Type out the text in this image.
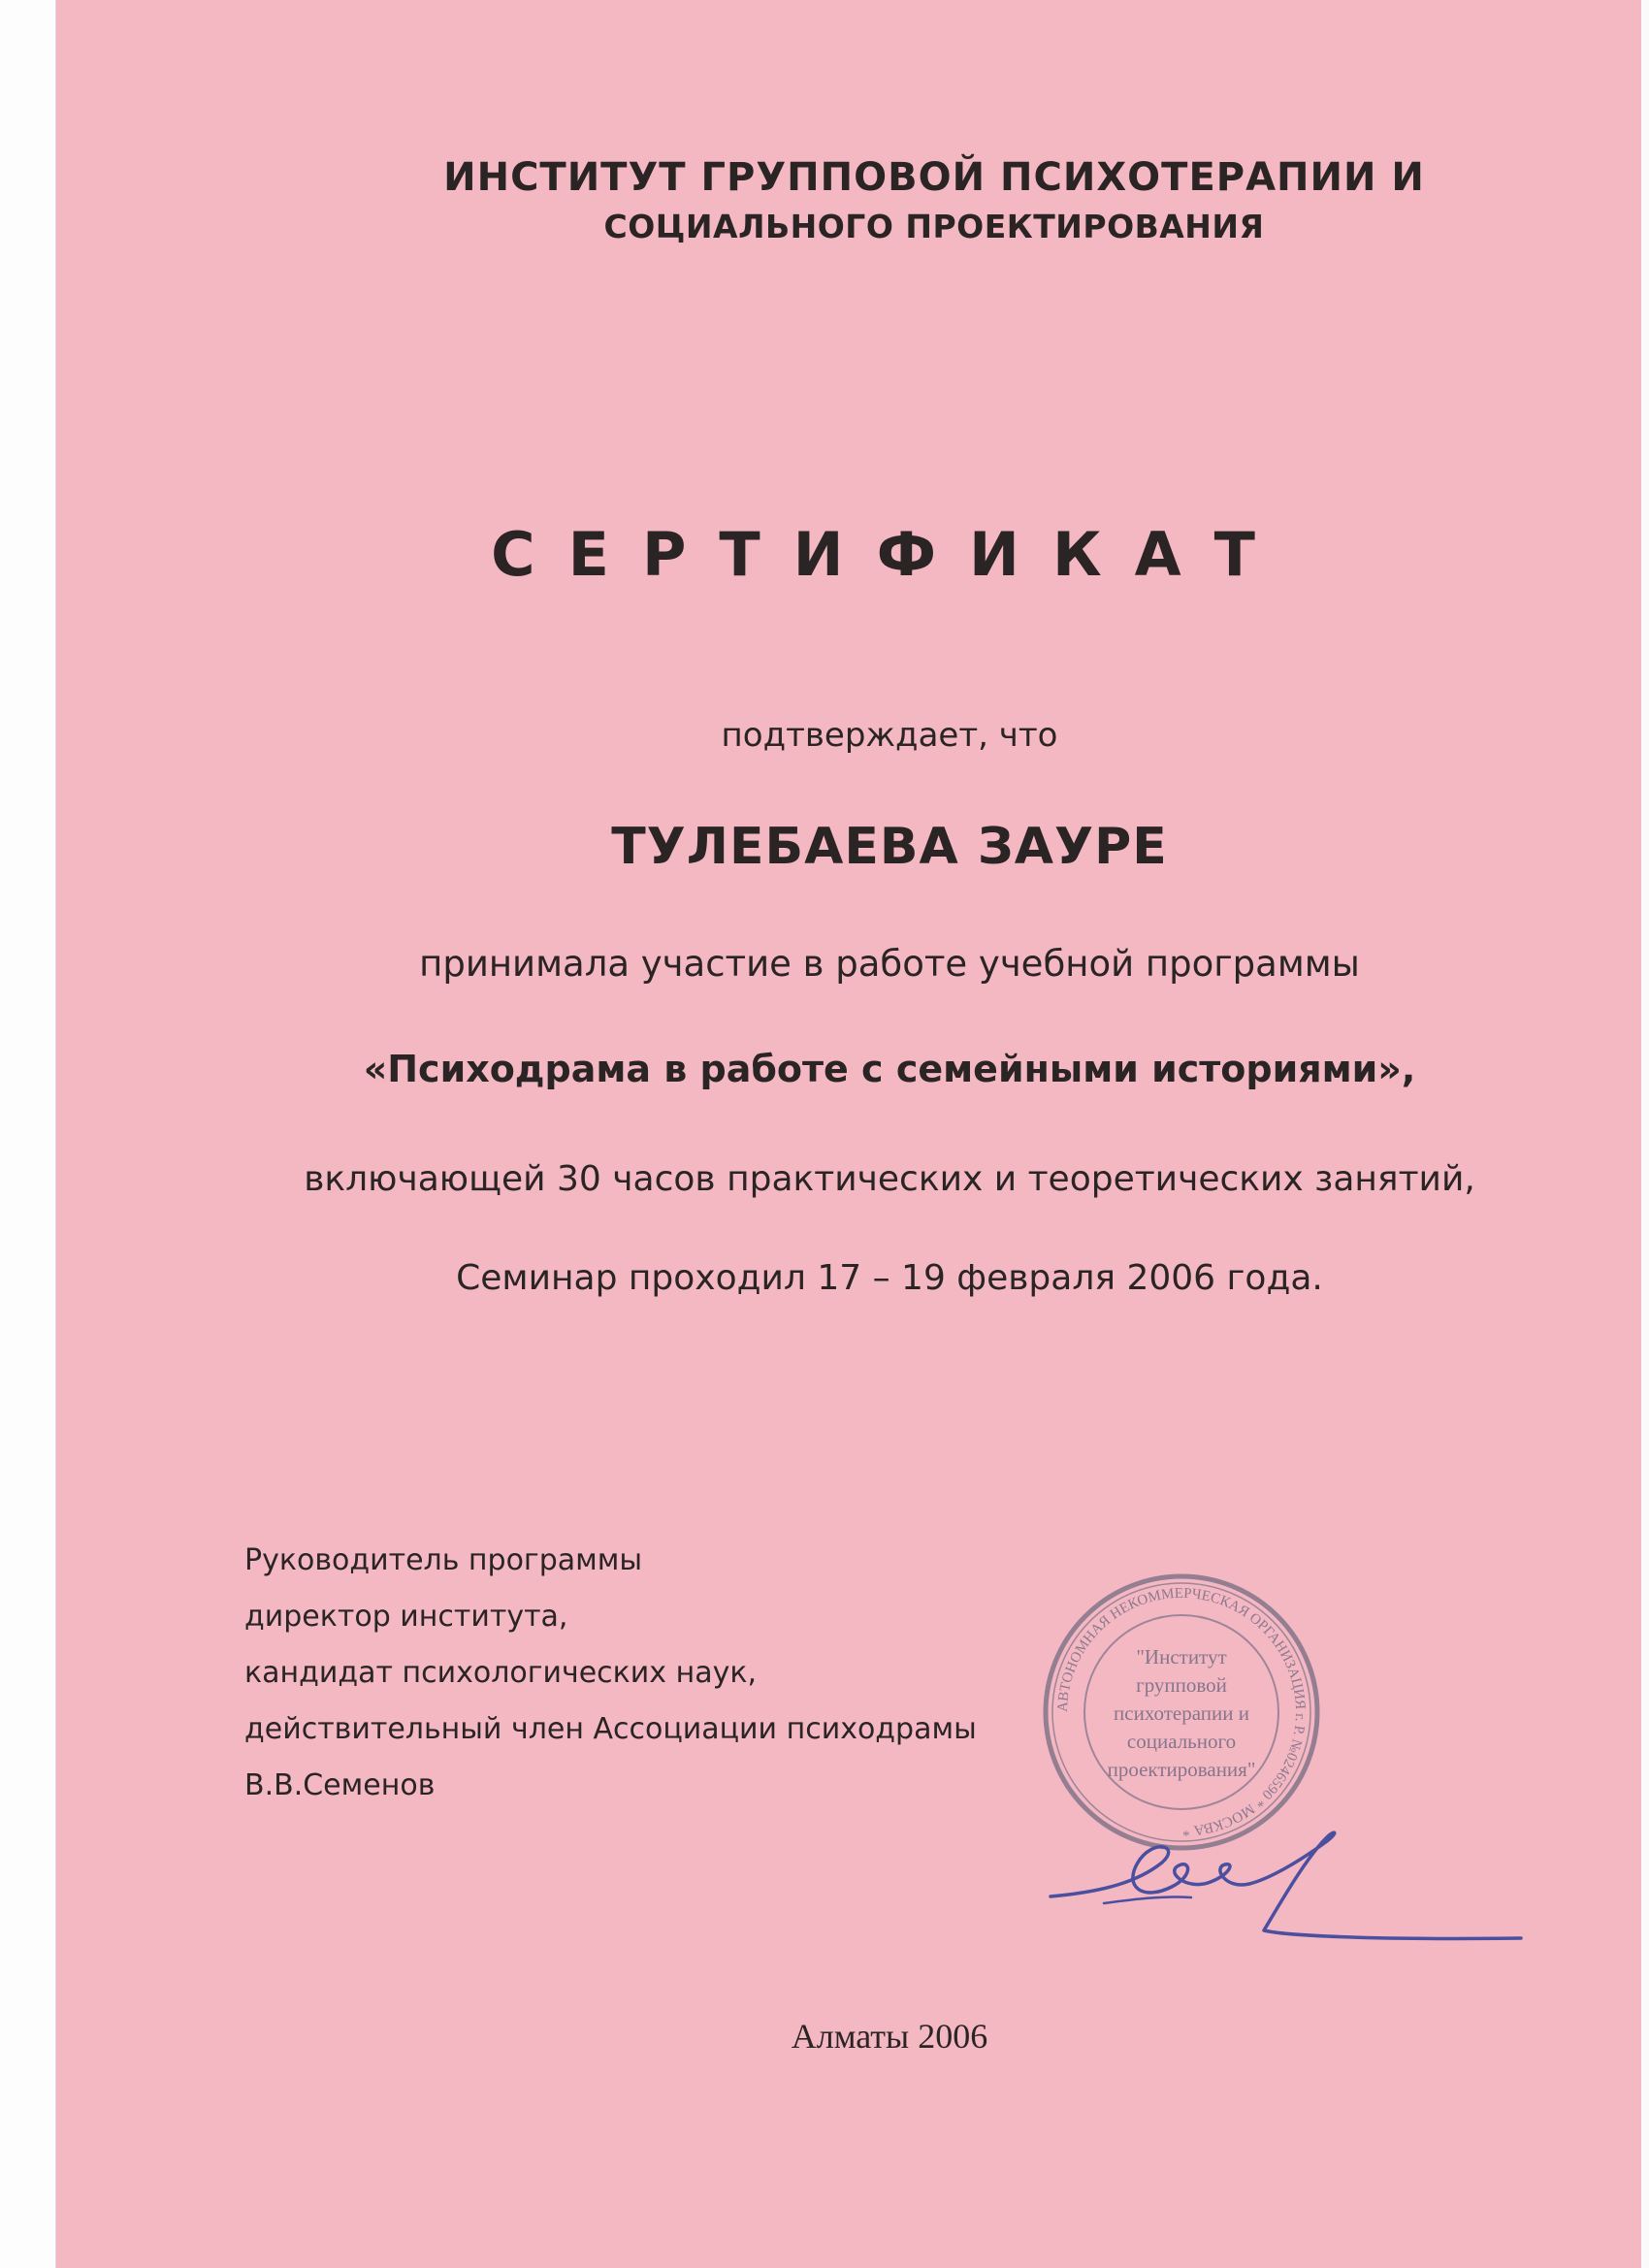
ИНСТИТУТ ГРУППОВОЙ ПСИХОТЕРАПИИ И
СОЦИАЛЬНОГО ПРОЕКТИРОВАНИЯ
СЕРТИФИКАТ
подтверждает, что
ТУЛЕБАЕВА ЗАУРЕ
принимала участие в работе учебной программы
«Психодрама в работе с семейными историями»,
включающей 30 часов практических и теоретических занятий,
Семинар проходил 17 – 19 февраля 2006 года.
Руководитель программы
директор института,
кандидат психологических наук,
действительный член Ассоциации психодрамы
В.В.Семенов
АВТОНОМНАЯ НЕКОММЕРЧЕСКАЯ ОРГАНИЗАЦИЯ г. Р. №0246590 * МОСКВА *
"Институт
групповой
психотерапии и
социального
проектирования"
Алматы 2006
